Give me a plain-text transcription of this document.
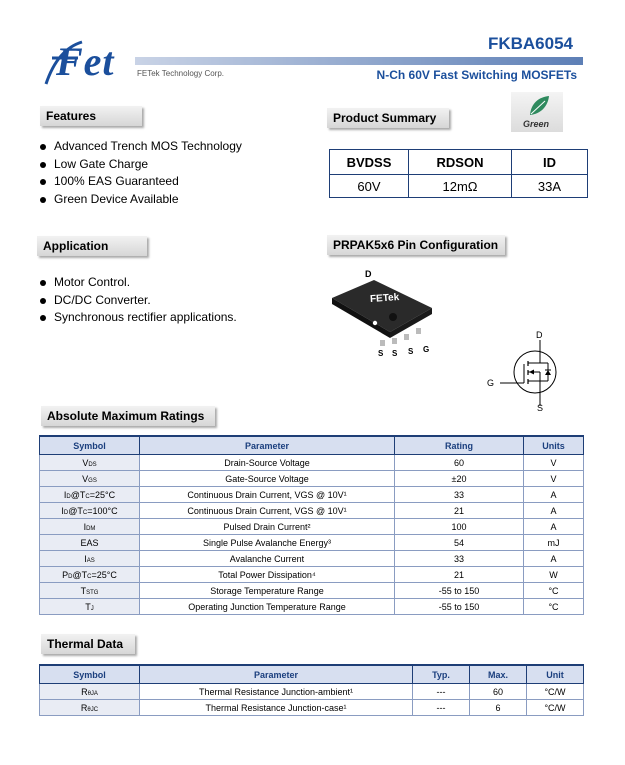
Fet	FETek Technology Corp.
FKBA6054
N-Ch 60V Fast Switching MOSFETs
Features
Advanced Trench MOS Technology
Low Gate Charge
100% EAS Guaranteed
Green Device Available
Product Summary	Green
BVDSS	RDSON	ID
60V	12mΩ	33A
Application
Motor Control.
DC/DC Converter.
Synchronous rectifier applications.
PRPAK5x6 Pin Configuration
D
FETek
S S S G
D
G
S
Absolute Maximum Ratings
Symbol	Parameter	Rating	Units
VDS	Drain-Source Voltage	60	V
VGS	Gate-Source Voltage	±20	V
ID@TC=25°C	Continuous Drain Current, VGS @ 10V¹	33	A
ID@TC=100°C	Continuous Drain Current, VGS @ 10V¹	21	A
IDM	Pulsed Drain Current²	100	A
EAS	Single Pulse Avalanche Energy³	54	mJ
IAS	Avalanche Current	33	A
PD@TC=25°C	Total Power Dissipation⁴	21	W
TSTG	Storage Temperature Range	-55 to 150	°C
TJ	Operating Junction Temperature Range	-55 to 150	°C
Thermal Data
Symbol	Parameter	Typ.	Max.	Unit
RθJA	Thermal Resistance Junction-ambient¹	---	60	°C/W
RθJC	Thermal Resistance Junction-case¹	---	6	°C/W
